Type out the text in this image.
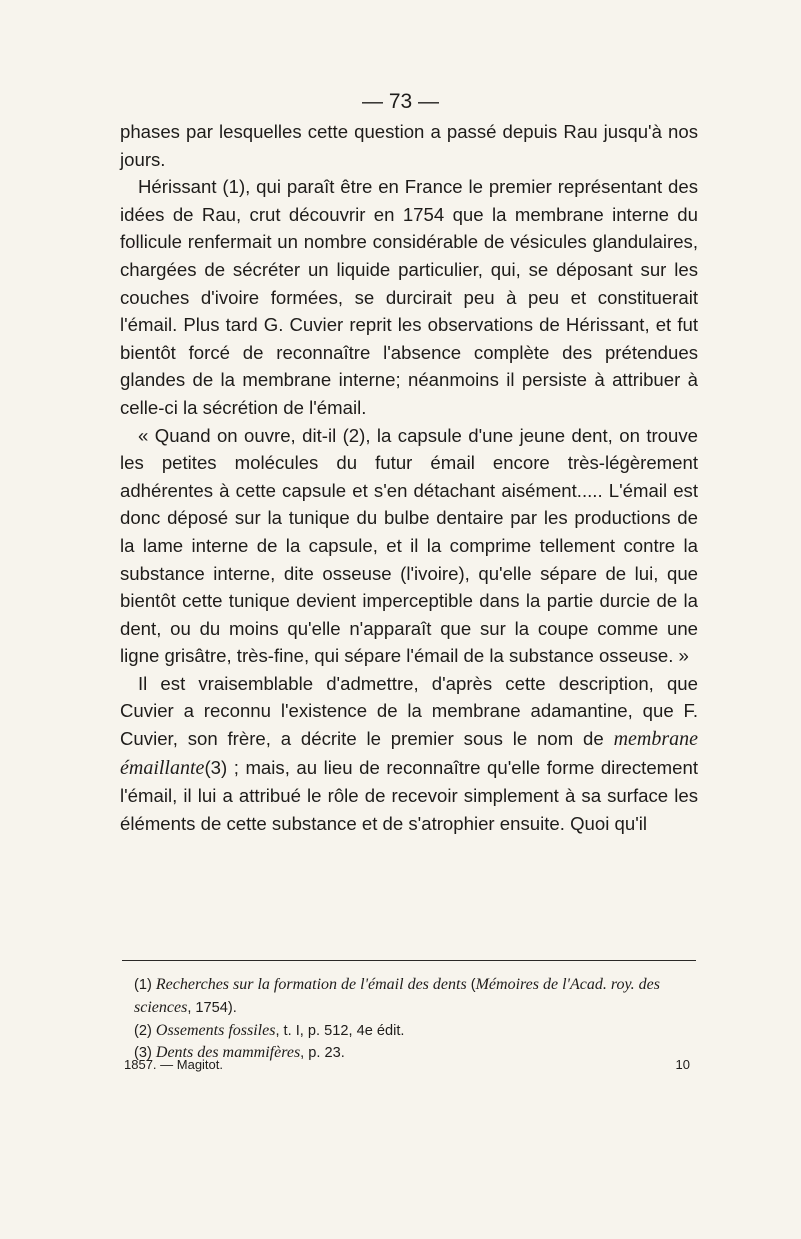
— 73 —

phases par lesquelles cette question a passé depuis Rau jusqu'à nos jours.

Hérissant (1), qui paraît être en France le premier représentant des idées de Rau, crut découvrir en 1754 que la membrane interne du follicule renfermait un nombre considérable de vésicules glandulaires, chargées de sécréter un liquide particulier, qui, se déposant sur les couches d'ivoire formées, se durcirait peu à peu et constituerait l'émail. Plus tard G. Cuvier reprit les observations de Hérissant, et fut bientôt forcé de reconnaître l'absence complète des prétendues glandes de la membrane interne; néanmoins il persiste à attribuer à celle-ci la sécrétion de l'émail.

« Quand on ouvre, dit-il (2), la capsule d'une jeune dent, on trouve les petites molécules du futur émail encore très-légèrement adhérentes à cette capsule et s'en détachant aisément..... L'émail est donc déposé sur la tunique du bulbe dentaire par les productions de la lame interne de la capsule, et il la comprime tellement contre la substance interne, dite osseuse (l'ivoire), qu'elle sépare de lui, que bientôt cette tunique devient imperceptible dans la partie durcie de la dent, ou du moins qu'elle n'apparaît que sur la coupe comme une ligne grisâtre, très-fine, qui sépare l'émail de la substance osseuse. »

Il est vraisemblable d'admettre, d'après cette description, que Cuvier a reconnu l'existence de la membrane adamantine, que F. Cuvier, son frère, a décrite le premier sous le nom de membrane émaillante(3) ; mais, au lieu de reconnaître qu'elle forme directement l'émail, il lui a attribué le rôle de recevoir simplement à sa surface les éléments de cette substance et de s'atrophier ensuite. Quoi qu'il

(1) Recherches sur la formation de l'émail des dents (Mémoires de l'Acad. roy. des sciences, 1754).

(2) Ossements fossiles, t. I, p. 512, 4e édit.

(3) Dents des mammifères, p. 23.

1857. — Magitot.	10
